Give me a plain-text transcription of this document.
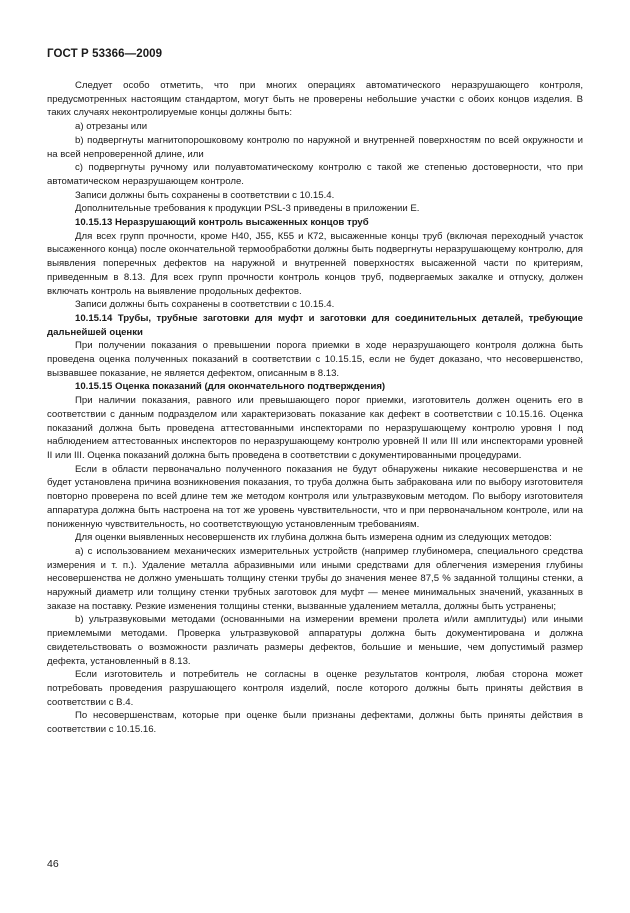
ГОСТ Р 53366—2009

Следует особо отметить, что при многих операциях автоматического неразрушающего контроля, предусмотренных настоящим стандартом, могут быть не проверены небольшие участки с обоих концов изделия. В таких случаях неконтролируемые концы должны быть:

a) отрезаны или

b) подвергнуты магнитопорошковому контролю по наружной и внутренней поверхностям по всей окружности и на всей непроверенной длине, или

c) подвергнуты ручному или полуавтоматическому контролю с такой же степенью достоверности, что при автоматическом неразрушающем контроле.

Записи должны быть сохранены в соответствии с 10.15.4.

Дополнительные требования к продукции PSL-3 приведены в приложении Е.

10.15.13 Неразрушающий контроль высаженных концов труб

Для всех групп прочности, кроме Н40, J55, К55 и К72, высаженные концы труб (включая переходный участок высаженного конца) после окончательной термообработки должны быть подвергнуты неразрушающему контролю, для выявления поперечных дефектов на наружной и внутренней поверхностях высаженной части по критериям, приведенным в 8.13. Для всех групп прочности контроль концов труб, подвергаемых закалке и отпуску, должен включать контроль на выявление продольных дефектов.

Записи должны быть сохранены в соответствии с 10.15.4.

10.15.14 Трубы, трубные заготовки для муфт и заготовки для соединительных деталей, требующие дальнейшей оценки

При получении показания о превышении порога приемки в ходе неразрушающего контроля должна быть проведена оценка полученных показаний в соответствии с 10.15.15, если не будет доказано, что несовершенство, вызвавшее показание, не является дефектом, описанным в 8.13.

10.15.15 Оценка показаний (для окончательного подтверждения)

При наличии показания, равного или превышающего порог приемки, изготовитель должен оценить его в соответствии с данным подразделом или характеризовать показание как дефект в соответствии с 10.15.16. Оценка показаний должна быть проведена аттестованными инспекторами по неразрушающему контролю уровня I под наблюдением аттестованных инспекторов по неразрушающему контролю уровней II или III или инспекторами уровней II или III. Оценка показаний должна быть проведена в соответствии с документированными процедурами.

Если в области первоначально полученного показания не будут обнаружены никакие несовершенства и не будет установлена причина возникновения показания, то труба должна быть забракована или по выбору изготовителя повторно проверена по всей длине тем же методом контроля или ультразвуковым методом. По выбору изготовителя аппаратура должна быть настроена на тот же уровень чувствительности, что и при первоначальном контроле, или на пониженную чувствительность, но соответствующую установленным требованиям.

Для оценки выявленных несовершенств их глубина должна быть измерена одним из следующих методов:

a) с использованием механических измерительных устройств (например глубиномера, специального средства измерения и т. п.). Удаление металла абразивными или иными средствами для облегчения измерения глубины несовершенства не должно уменьшать толщину стенки трубы до значения менее 87,5 % заданной толщины стенки, а наружный диаметр или толщину стенки трубных заготовок для муфт — менее минимальных значений, указанных в заказе на поставку. Резкие изменения толщины стенки, вызванные удалением металла, должны быть устранены;

b) ультразвуковыми методами (основанными на измерении времени пролета и/или амплитуды) или иными приемлемыми методами. Проверка ультразвуковой аппаратуры должна быть документирована и должна свидетельствовать о возможности различать размеры дефектов, большие и меньшие, чем допустимый размер дефекта, установленный в 8.13.

Если изготовитель и потребитель не согласны в оценке результатов контроля, любая сторона может потребовать проведения разрушающего контроля изделий, после которого должны быть приняты действия в соответствии с В.4.

По несовершенствам, которые при оценке были признаны дефектами, должны быть приняты действия в соответствии с 10.15.16.

46
